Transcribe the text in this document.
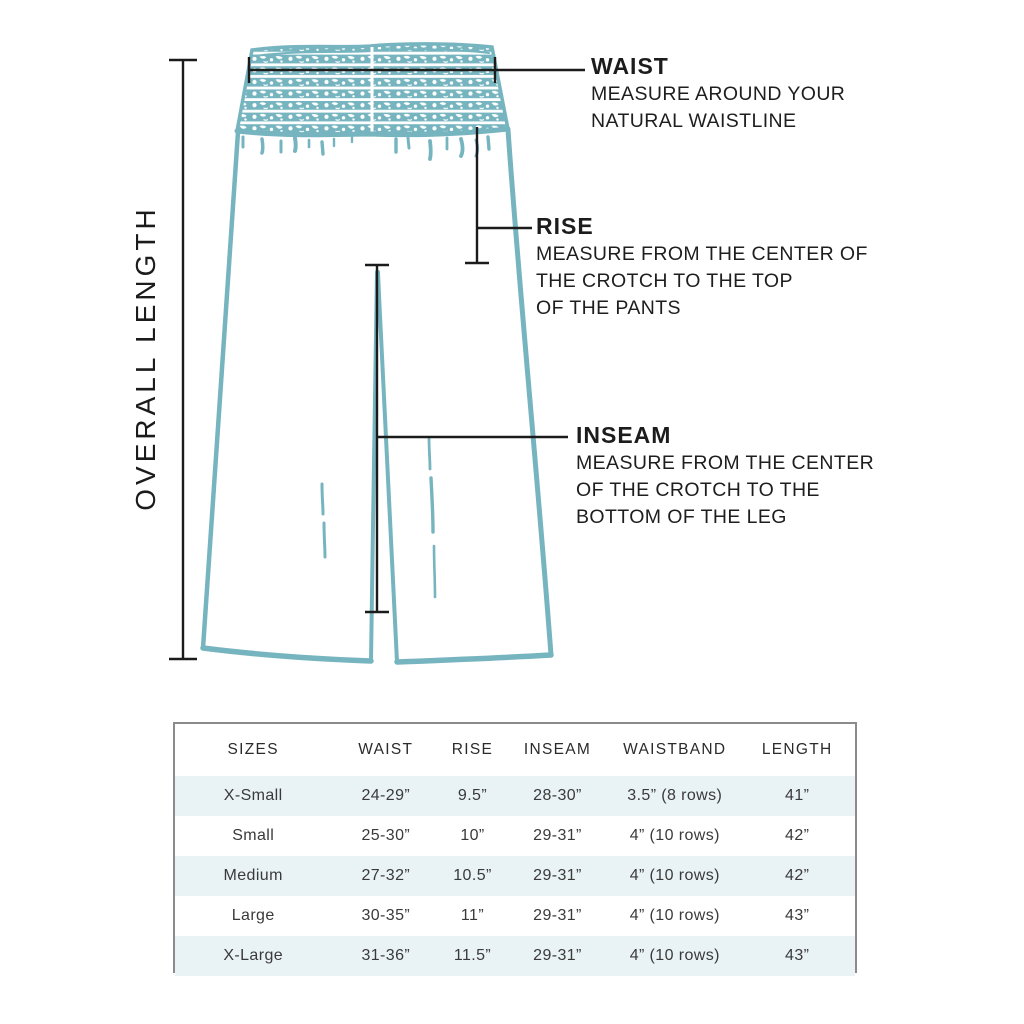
OVERALL LENGTH
WAIST
MEASURE AROUND YOUR
NATURAL WAISTLINE
RISE
MEASURE FROM THE CENTER OF
THE CROTCH TO THE TOP
OF THE PANTS
INSEAM
MEASURE FROM THE CENTER
OF THE CROTCH TO THE
BOTTOM OF THE LEG
SIZES	WAIST	RISE	INSEAM	WAISTBAND	LENGTH
X-Small	24-29”	9.5”	28-30”	3.5” (8 rows)	41”
Small	25-30”	10”	29-31”	4” (10 rows)	42”
Medium	27-32”	10.5”	29-31”	4” (10 rows)	42”
Large	30-35”	11”	29-31”	4” (10 rows)	43”
X-Large	31-36”	11.5”	29-31”	4” (10 rows)	43”
